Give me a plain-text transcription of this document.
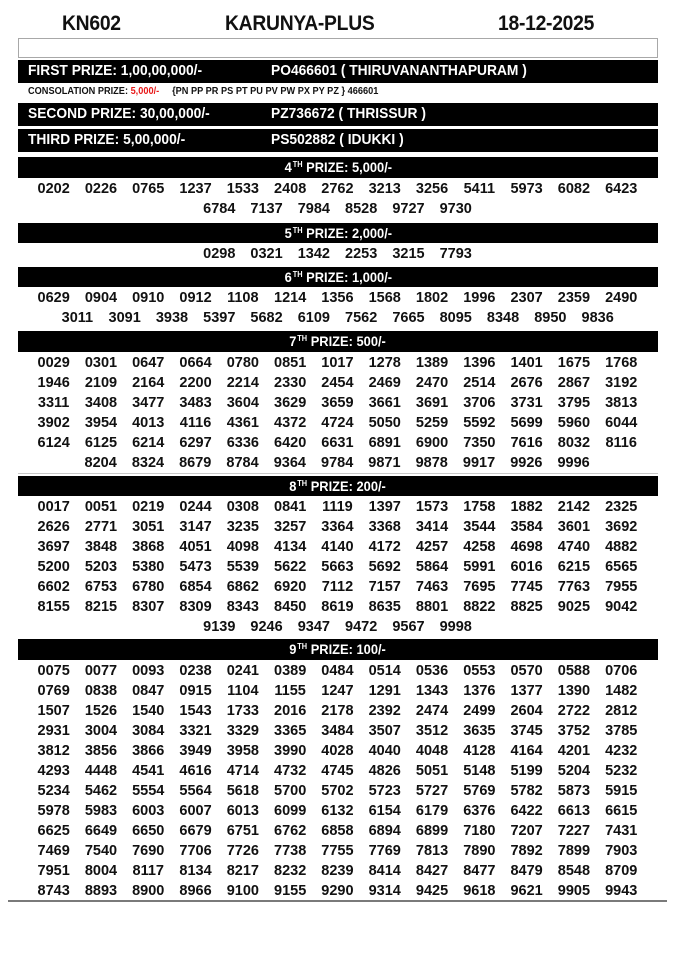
KN602	KARUNYA-PLUS	18-12-2025
FIRST PRIZE: 1,00,00,000/-	PO466601 ( THIRUVANANTHAPURAM )
CONSOLATION PRIZE: 5,000/- {PN PP PR PS PT PU PV PW PX PY PZ } 466601
SECOND PRIZE: 30,00,000/-	PZ736672 ( THRISSUR )
THIRD PRIZE: 5,00,000/-	PS502882 ( IDUKKI )
4TH PRIZE: 5,000/-
0202 0226 0765 1237 1533 2408 2762 3213 3256 5411 5973 6082 6423
6784 7137 7984 8528 9727 9730
5TH PRIZE: 2,000/-
0298 0321 1342 2253 3215 7793
6TH PRIZE: 1,000/-
0629 0904 0910 0912 1108 1214 1356 1568 1802 1996 2307 2359 2490
3011 3091 3938 5397 5682 6109 7562 7665 8095 8348 8950 9836
7TH PRIZE: 500/-
0029 0301 0647 0664 0780 0851 1017 1278 1389 1396 1401 1675 1768
1946 2109 2164 2200 2214 2330 2454 2469 2470 2514 2676 2867 3192
3311 3408 3477 3483 3604 3629 3659 3661 3691 3706 3731 3795 3813
3902 3954 4013 4116 4361 4372 4724 5050 5259 5592 5699 5960 6044
6124 6125 6214 6297 6336 6420 6631 6891 6900 7350 7616 8032 8116
8204 8324 8679 8784 9364 9784 9871 9878 9917 9926 9996
8TH PRIZE: 200/-
0017 0051 0219 0244 0308 0841 1119 1397 1573 1758 1882 2142 2325
2626 2771 3051 3147 3235 3257 3364 3368 3414 3544 3584 3601 3692
3697 3848 3868 4051 4098 4134 4140 4172 4257 4258 4698 4740 4882
5200 5203 5380 5473 5539 5622 5663 5692 5864 5991 6016 6215 6565
6602 6753 6780 6854 6862 6920 7112 7157 7463 7695 7745 7763 7955
8155 8215 8307 8309 8343 8450 8619 8635 8801 8822 8825 9025 9042
9139 9246 9347 9472 9567 9998
9TH PRIZE: 100/-
0075 0077 0093 0238 0241 0389 0484 0514 0536 0553 0570 0588 0706
0769 0838 0847 0915 1104 1155 1247 1291 1343 1376 1377 1390 1482
1507 1526 1540 1543 1733 2016 2178 2392 2474 2499 2604 2722 2812
2931 3004 3084 3321 3329 3365 3484 3507 3512 3635 3745 3752 3785
3812 3856 3866 3949 3958 3990 4028 4040 4048 4128 4164 4201 4232
4293 4448 4541 4616 4714 4732 4745 4826 5051 5148 5199 5204 5232
5234 5462 5554 5564 5618 5700 5702 5723 5727 5769 5782 5873 5915
5978 5983 6003 6007 6013 6099 6132 6154 6179 6376 6422 6613 6615
6625 6649 6650 6679 6751 6762 6858 6894 6899 7180 7207 7227 7431
7469 7540 7690 7706 7726 7738 7755 7769 7813 7890 7892 7899 7903
7951 8004 8117 8134 8217 8232 8239 8414 8427 8477 8479 8548 8709
8743 8893 8900 8966 9100 9155 9290 9314 9425 9618 9621 9905 9943
